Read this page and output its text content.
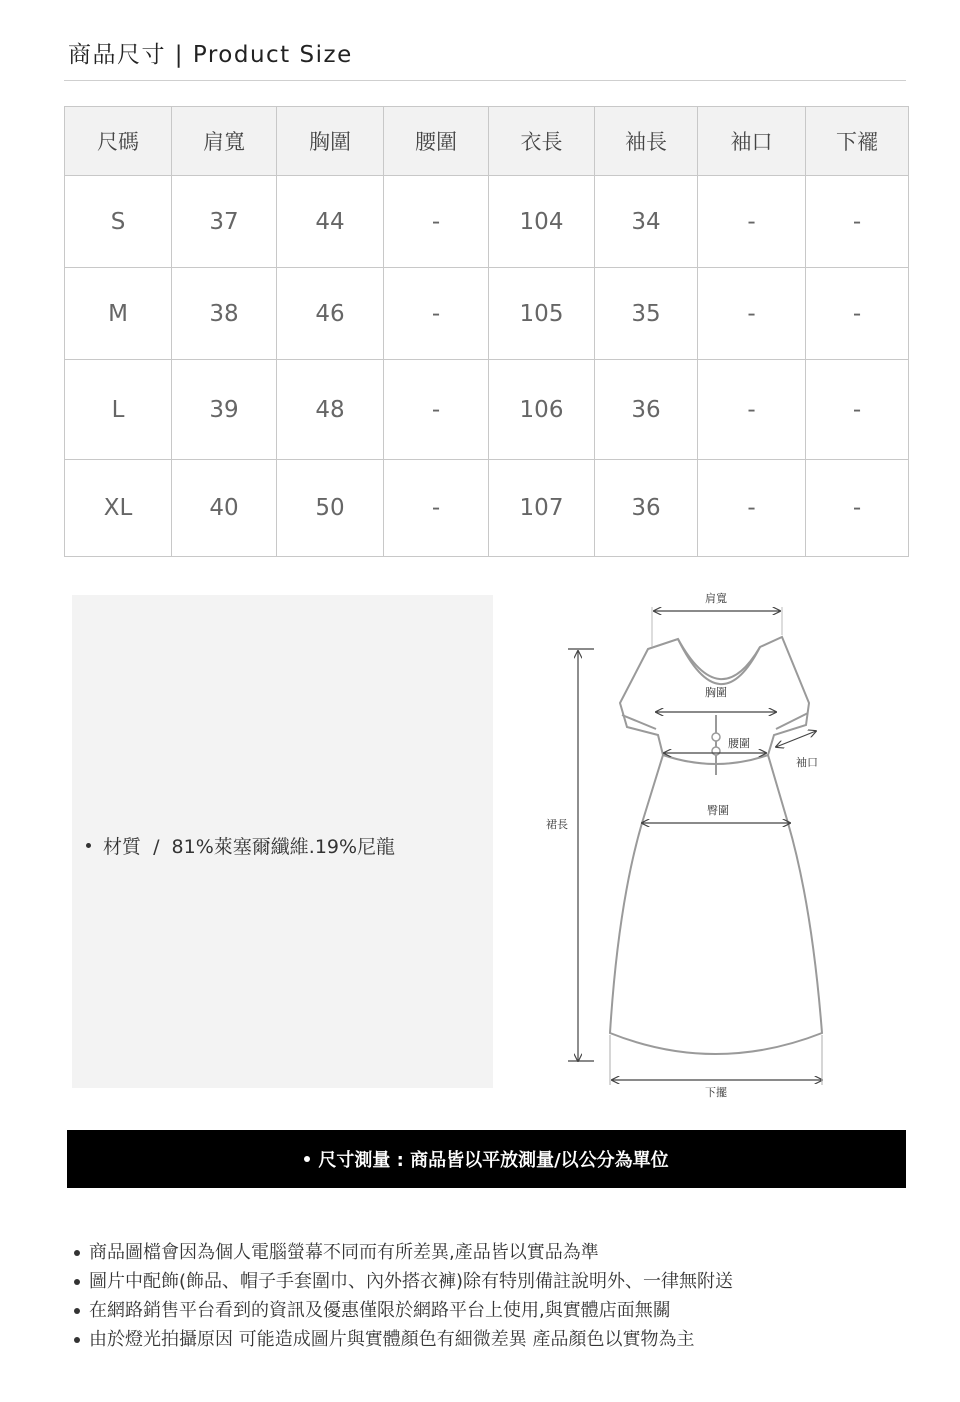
商品尺寸 | Product Size
尺碼	肩寬	胸圍	腰圍	衣長	袖長	袖口	下襬
S	37	44	-	104	34	-	-
M	38	46	-	105	35	-	-
L	39	48	-	106	36	-	-
XL	40	50	-	107	36	-	-
材質  /  81%萊塞爾纖維.19%尼龍
肩寬
胸圍
腰圍
袖口
臀圍
裙長
下擺
尺寸測量 : 商品皆以平放測量/以公分為單位
商品圖檔會因為個人電腦螢幕不同而有所差異,產品皆以實品為準
圖片中配飾(飾品、帽子手套圍巾、內外搭衣褲)除有特別備註說明外、一律無附送
在網路銷售平台看到的資訊及優惠僅限於網路平台上使用,與實體店面無關
由於燈光拍攝原因 可能造成圖片與實體顏色有細微差異 產品顏色以實物為主
